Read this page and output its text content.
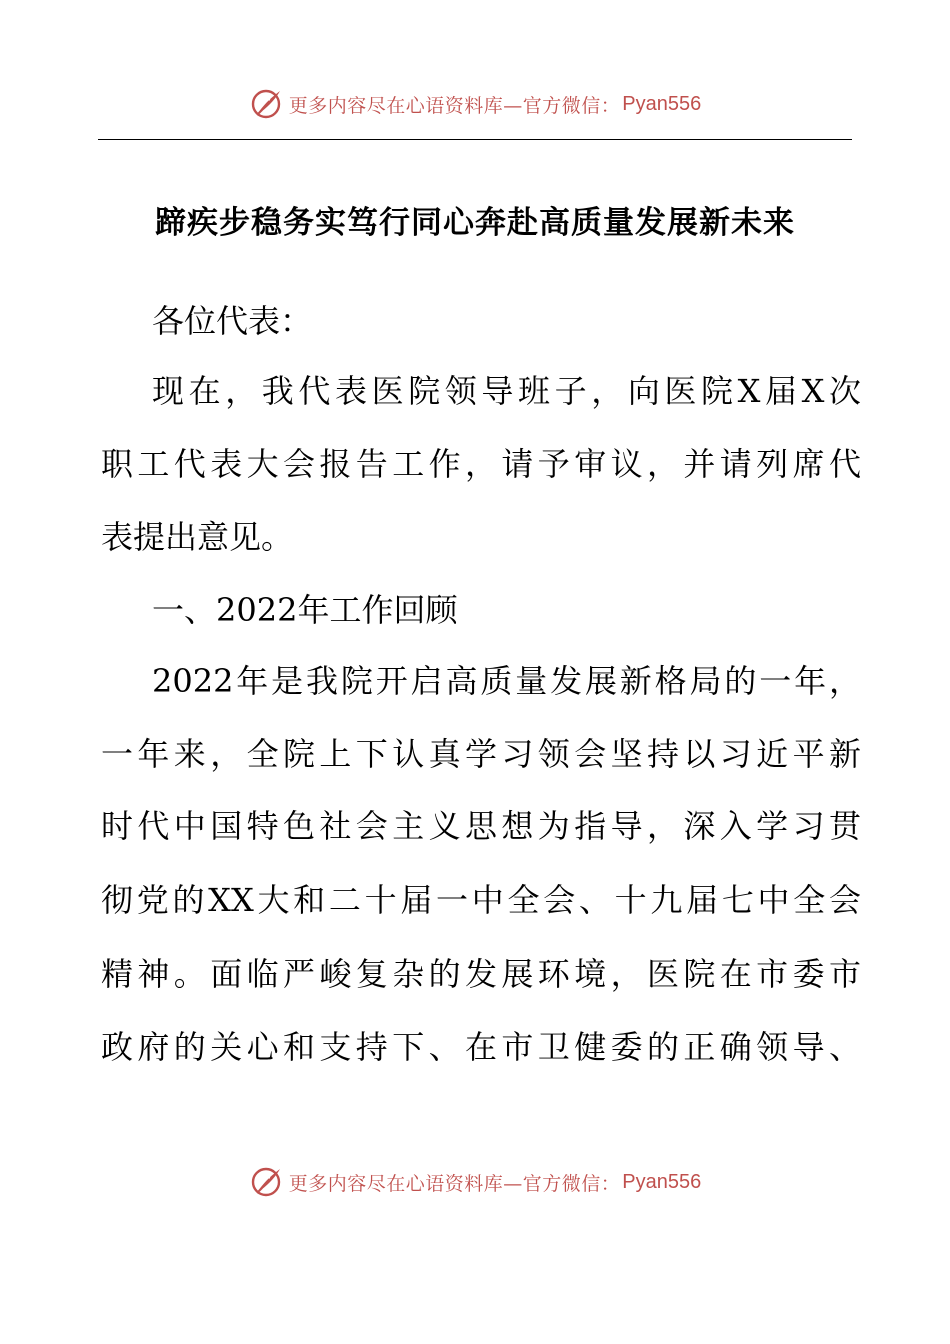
更多内容尽在心语资料库—官方微信： Pyan556
蹄疾步稳务实笃行同心奔赴高质量发展新未来
各位代表：
现在，我代表医院领导班子，向医院X届X次
职工代表大会报告工作，请予审议，并请列席代
表提出意见。
一、2022年工作回顾
2022年是我院开启高质量发展新格局的一年，
一年来，全院上下认真学习领会坚持以习近平新
时代中国特色社会主义思想为指导，深入学习贯
彻党的XX大和二十届一中全会、十九届七中全会
精神。面临严峻复杂的发展环境，医院在市委市
政府的关心和支持下、在市卫健委的正确领导、
更多内容尽在心语资料库—官方微信： Pyan556
